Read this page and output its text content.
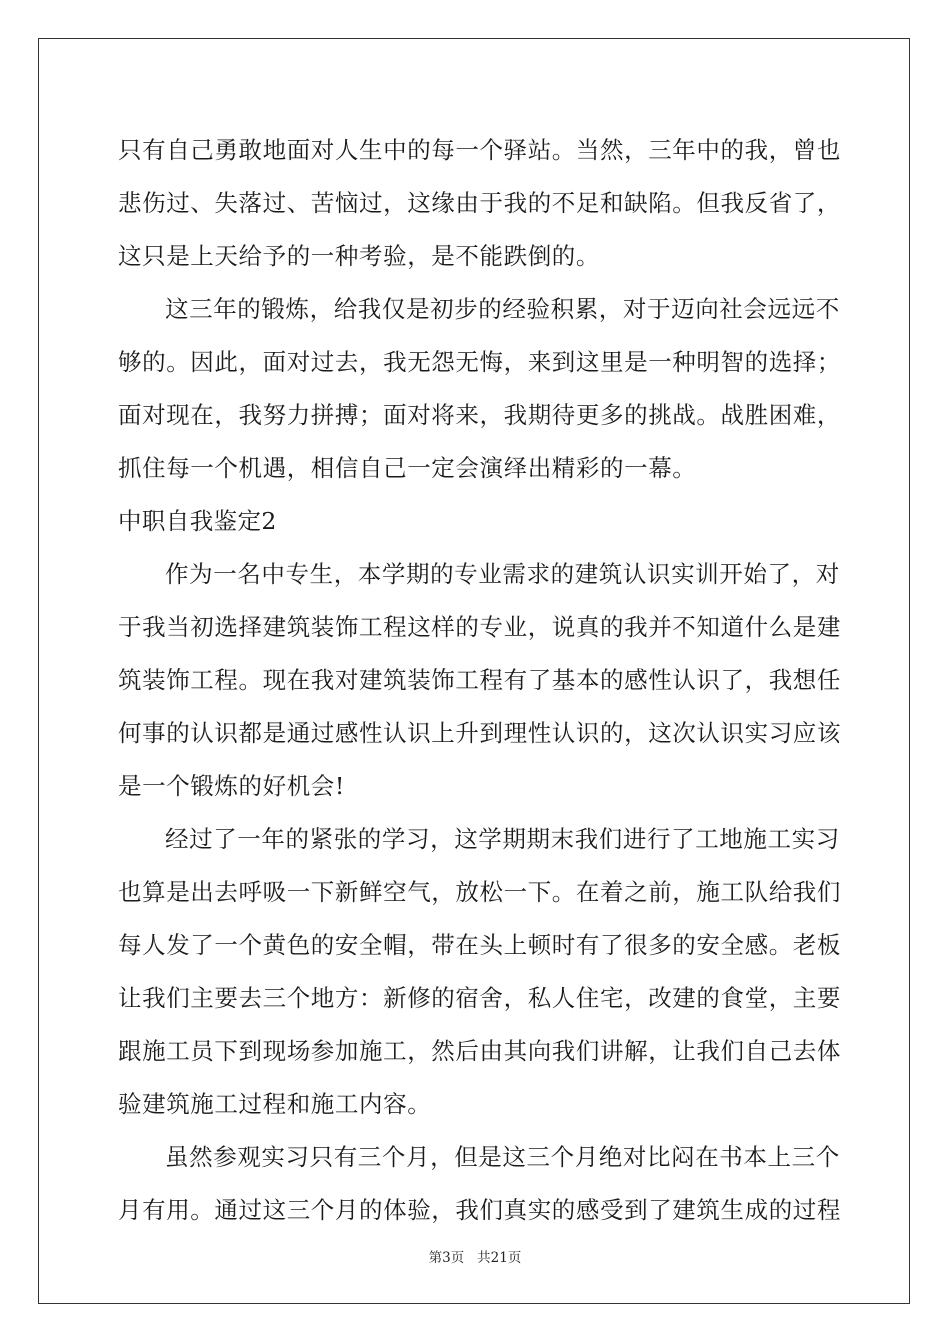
只有自己勇敢地面对人生中的每一个驿站。当然，三年中的我，曾也
悲伤过、失落过、苦恼过，这缘由于我的不足和缺陷。但我反省了，
这只是上天给予的一种考验，是不能跌倒的。
这三年的锻炼，给我仅是初步的经验积累，对于迈向社会远远不
够的。因此，面对过去，我无怨无悔，来到这里是一种明智的选择；
面对现在，我努力拼搏；面对将来，我期待更多的挑战。战胜困难，
抓住每一个机遇，相信自己一定会演绎出精彩的一幕。
中职自我鉴定2
作为一名中专生，本学期的专业需求的建筑认识实训开始了，对
于我当初选择建筑装饰工程这样的专业，说真的我并不知道什么是建
筑装饰工程。现在我对建筑装饰工程有了基本的感性认识了，我想任
何事的认识都是通过感性认识上升到理性认识的，这次认识实习应该
是一个锻炼的好机会!
经过了一年的紧张的学习，这学期期末我们进行了工地施工实习
也算是出去呼吸一下新鲜空气，放松一下。在着之前，施工队给我们
每人发了一个黄色的安全帽，带在头上顿时有了很多的安全感。老板
让我们主要去三个地方：新修的宿舍，私人住宅，改建的食堂，主要
跟施工员下到现场参加施工，然后由其向我们讲解，让我们自己去体
验建筑施工过程和施工内容。
虽然参观实习只有三个月，但是这三个月绝对比闷在书本上三个
月有用。通过这三个月的体验，我们真实的感受到了建筑生成的过程
第3页 共21页
